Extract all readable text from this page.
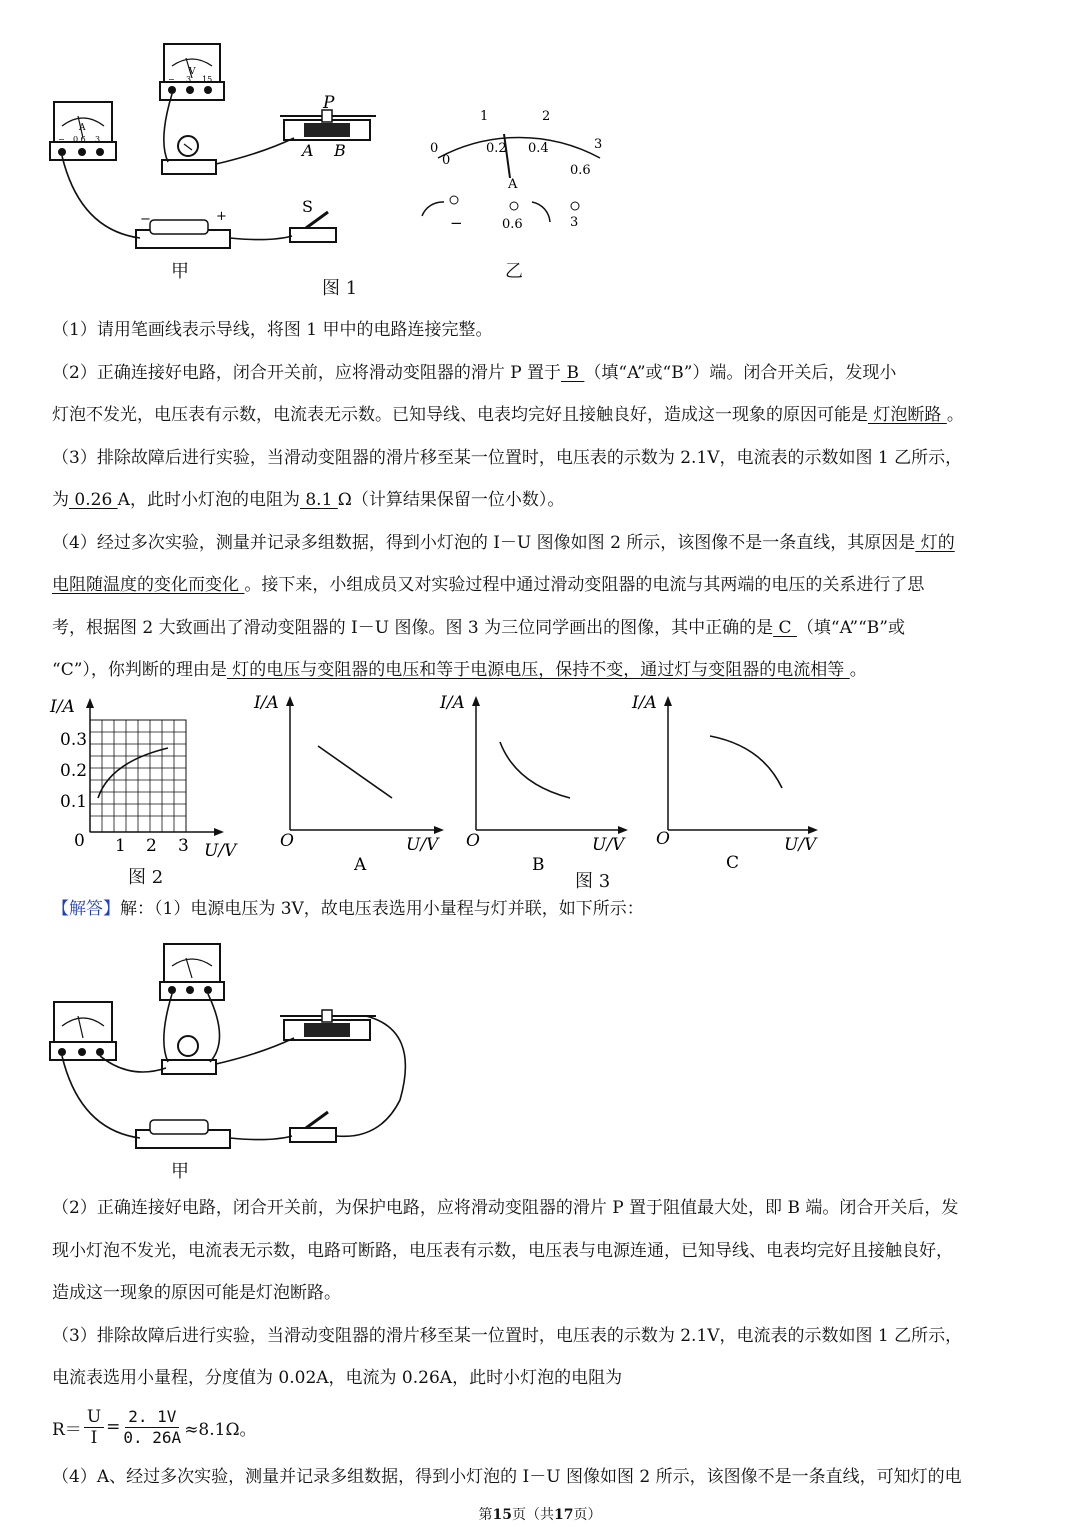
A
− 0.6 3
V
− 3 15
P
A B
−	+
S
0
1	2
3
0
0.2 0.4
0.6
A
−	0.6	3
甲	乙
图 1
（1）请用笔画线表示导线，将图 1 甲中的电路连接完整。
（2）正确连接好电路，闭合开关前，应将滑动变阻器的滑片 P 置于 B （填“A”或“B”）端。闭合开关后，发现小
灯泡不发光，电压表有示数，电流表无示数。已知导线、电表均完好且接触良好，造成这一现象的原因可能是 灯泡断路 。
（3）排除故障后进行实验，当滑动变阻器的滑片移至某一位置时，电压表的示数为 2.1V，电流表的示数如图 1 乙所示，
为 0.26 A，此时小灯泡的电阻为 8.1 Ω（计算结果保留一位小数）。
（4）经过多次实验，测量并记录多组数据，得到小灯泡的 I－U 图像如图 2 所示，该图像不是一条直线，其原因是 灯的
电阻随温度的变化而变化 。接下来，小组成员又对实验过程中通过滑动变阻器的电流与其两端的电压的关系进行了思
考，根据图 2 大致画出了滑动变阻器的 I－U 图像。图 3 为三位同学画出的图像，其中正确的是 C （填“A”“B”或
“C”），你判断的理由是 灯的电压与变阻器的电压和等于电源电压，保持不变，通过灯与变阻器的电流相等 。
I/A
U/V
0
0.3
0.2
0.1
1 2 3
I/A
U/V
O
A
I/A
U/V
O
B
I/A
U/V
O
C
图 2	图 3
【解答】解：（1）电源电压为 3V，故电压表选用小量程与灯并联，如下所示：
甲
（2）正确连接好电路，闭合开关前，为保护电路，应将滑动变阻器的滑片 P 置于阻值最大处，即 B 端。闭合开关后，发
现小灯泡不发光，电流表无示数，电路可断路，电压表有示数，电压表与电源连通，已知导线、电表均完好且接触良好，
造成这一现象的原因可能是灯泡断路。
（3）排除故障后进行实验，当滑动变阻器的滑片移至某一位置时，电压表的示数为 2.1V，电流表的示数如图 1 乙所示，
电流表选用小量程，分度值为 0.02A，电流为 0.26A，此时小灯泡的电阻为
$R= \frac{U}{I} = \frac{2. 1V}{0. 26A} \approx 8.1\Omega$。
（4）A、经过多次实验，测量并记录多组数据，得到小灯泡的 I－U 图像如图 2 所示，该图像不是一条直线，可知灯的电
第15页（共17页）
